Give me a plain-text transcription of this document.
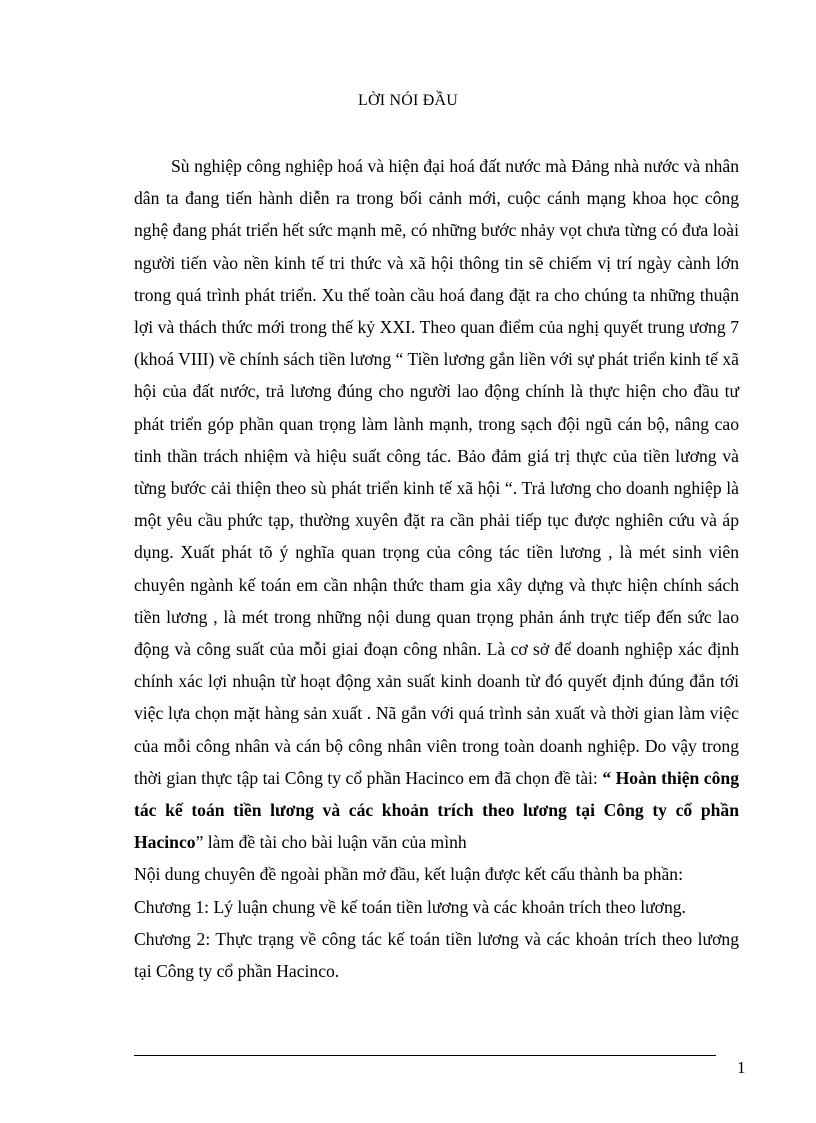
LỜI NÓI ĐẦU

Sù nghiệp công nghiệp hoá và hiện đại hoá đất nước mà Đảng nhà nước và nhân dân ta đang tiến hành diễn ra trong bối cảnh mới, cuộc cánh mạng khoa học công nghệ đang phát triển hết sức mạnh mẽ, có những bước nhảy vọt chưa từng có đưa loài người tiến vào nền kinh tế tri thức và xã hội thông tin sẽ chiếm vị trí ngày cành lớn trong quá trình phát triển. Xu thế toàn cầu hoá đang đặt ra cho chúng ta những thuận lợi và thách thức mới trong thế kỷ XXI. Theo quan điểm của nghị quyết trung ương 7 (khoá VIII) về chính sách tiền lương “ Tiền lương gắn liền với sự phát triển kinh tế xã hội của đất nước, trả lương đúng cho người lao động chính là thực hiện cho đầu tư phát triển góp phần quan trọng làm lành mạnh, trong sạch đội ngũ cán bộ, nâng cao tinh thần trách nhiệm và hiệu suất công tác. Bảo đảm giá trị thực của tiền lương và từng bước cải thiện theo sù phát triển kinh tế xã hội “. Trả lương cho doanh nghiệp là một yêu cầu phức tạp, thường xuyên đặt ra cần phải tiếp tục được nghiên cứu và áp dụng. Xuất phát tõ ý nghĩa quan trọng của công tác tiền lương , là mét sinh viên chuyên ngành kế toán em cần nhận thức tham gia xây dựng và thực hiện chính sách tiền lương , là mét trong những nội dung quan trọng phản ánh trực tiếp đến sức lao động và công suất của mỗi giai đoạn công nhân. Là cơ sở để doanh nghiệp xác định chính xác lợi nhuận từ hoạt động xản suất kinh doanh từ đó quyết định đúng đắn tới việc lựa chọn mặt hàng sản xuất . Nã gắn với quá trình sản xuất và thời gian làm việc của mỗi công nhân và cán bộ công nhân viên trong toàn doanh nghiệp. Do vậy trong thời gian thực tập tai Công ty cổ phần Hacinco em đã chọn đề tài: “ Hoàn thiện công tác kế toán tiền lương và các khoản trích theo lương tại Công ty cổ phần Hacinco” làm đề tài cho bài luận văn của mình

Nội dung chuyên đề ngoài phần mở đầu, kết luận được kết cấu thành ba phần:

Chương 1: Lý luận chung về kế toán tiền lương và các khoản trích theo lương.

Chương 2: Thực trạng về công tác kế toán tiền lương và các khoản trích theo lương tại Công ty cổ phần Hacinco.

1
